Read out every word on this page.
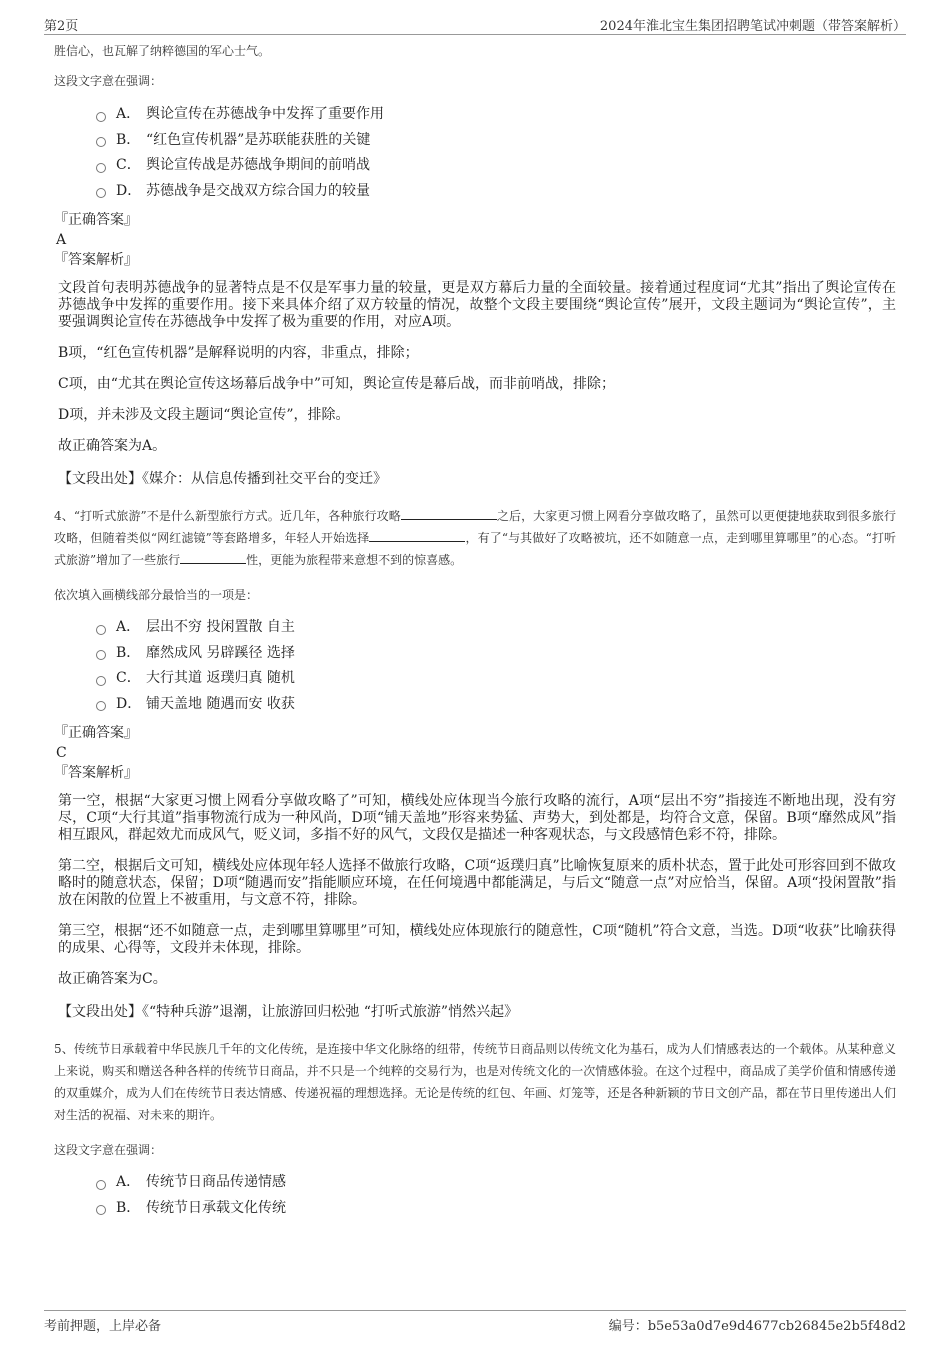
第2页	2024年淮北宝生集团招聘笔试冲刺题（带答案解析）
胜信心，也瓦解了纳粹德国的军心士气。
这段文字意在强调：
A． 舆论宣传在苏德战争中发挥了重要作用
B． “红色宣传机器”是苏联能获胜的关键
C． 舆论宣传战是苏德战争期间的前哨战
D． 苏德战争是交战双方综合国力的较量
『正确答案』
A
『答案解析』
文段首句表明苏德战争的显著特点是不仅是军事力量的较量，更是双方幕后力量的全面较量。接着通过程度词“尤其”指出了舆论宣传在苏德战争中发挥的重要作用。接下来具体介绍了双方较量的情况，故整个文段主要围绕“舆论宣传”展开，文段主题词为“舆论宣传”，主要强调舆论宣传在苏德战争中发挥了极为重要的作用，对应A项。
B项，“红色宣传机器”是解释说明的内容，非重点，排除；
C项，由“尤其在舆论宣传这场幕后战争中”可知，舆论宣传是幕后战，而非前哨战，排除；
D项，并未涉及文段主题词“舆论宣传”，排除。
故正确答案为A。
【文段出处】《媒介：从信息传播到社交平台的变迁》
4、“打听式旅游”不是什么新型旅行方式。近几年，各种旅行攻略	之后，大家更习惯上网看分享做攻略了，虽然可以更便捷地获取到很多旅行攻略，但随着类似“网红滤镜”等套路增多，年轻人开始选择	，有了“与其做好了攻略被坑，还不如随意一点，走到哪里算哪里”的心态。“打听式旅游”增加了一些旅行	性，更能为旅程带来意想不到的惊喜感。
依次填入画横线部分最恰当的一项是：
A． 层出不穷 投闲置散 自主
B． 靡然成风 另辟蹊径 选择
C． 大行其道 返璞归真 随机
D． 铺天盖地 随遇而安 收获
『正确答案』
C
『答案解析』
第一空，根据“大家更习惯上网看分享做攻略了”可知，横线处应体现当今旅行攻略的流行，A项“层出不穷”指接连不断地出现，没有穷尽，C项“大行其道”指事物流行成为一种风尚，D项“铺天盖地”形容来势猛、声势大，到处都是，均符合文意，保留。B项“靡然成风”指相互跟风，群起效尤而成风气，贬义词，多指不好的风气，文段仅是描述一种客观状态，与文段感情色彩不符，排除。
第二空，根据后文可知，横线处应体现年轻人选择不做旅行攻略，C项“返璞归真”比喻恢复原来的质朴状态，置于此处可形容回到不做攻略时的随意状态，保留；D项“随遇而安”指能顺应环境，在任何境遇中都能满足，与后文“随意一点”对应恰当，保留。A项“投闲置散”指放在闲散的位置上不被重用，与文意不符，排除。
第三空，根据“还不如随意一点，走到哪里算哪里”可知，横线处应体现旅行的随意性，C项“随机”符合文意，当选。D项“收获”比喻获得的成果、心得等，文段并未体现，排除。
故正确答案为C。
【文段出处】《“特种兵游”退潮，让旅游回归松弛 “打听式旅游”悄然兴起》
5、传统节日承载着中华民族几千年的文化传统，是连接中华文化脉络的纽带，传统节日商品则以传统文化为基石，成为人们情感表达的一个载体。从某种意义上来说，购买和赠送各种各样的传统节日商品，并不只是一个纯粹的交易行为，也是对传统文化的一次情感体验。在这个过程中，商品成了美学价值和情感传递的双重媒介，成为人们在传统节日表达情感、传递祝福的理想选择。无论是传统的红包、年画、灯笼等，还是各种新颖的节日文创产品，都在节日里传递出人们对生活的祝福、对未来的期许。
这段文字意在强调：
A． 传统节日商品传递情感
B． 传统节日承载文化传统
考前押题，上岸必备	编号：b5e53a0d7e9d4677cb26845e2b5f48d2
